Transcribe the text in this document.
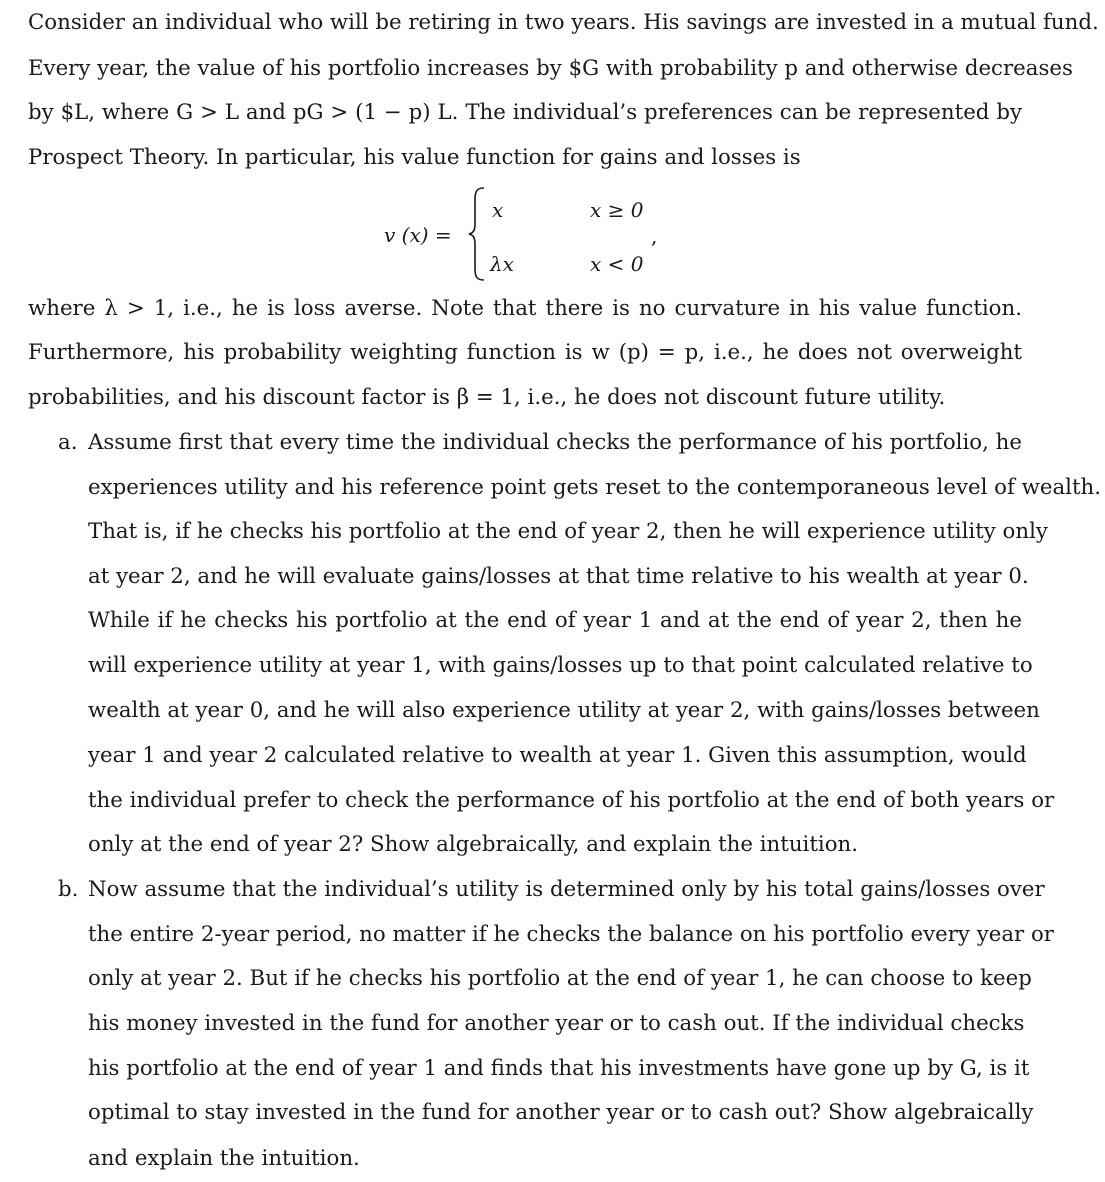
Consider an individual who will be retiring in two years. His savings are invested in a mutual fund.
Every year, the value of his portfolio increases by $G with probability p and otherwise decreases
by $L, where G > L and pG > (1 − p) L. The individual’s preferences can be represented by
Prospect Theory. In particular, his value function for gains and losses is
v (x) =
x	x ≥ 0
,
λx	x < 0
where λ > 1, i.e., he is loss averse. Note that there is no curvature in his value function.
Furthermore, his probability weighting function is w (p) = p, i.e., he does not overweight
probabilities, and his discount factor is β = 1, i.e., he does not discount future utility.
a. Assume first that every time the individual checks the performance of his portfolio, he
experiences utility and his reference point gets reset to the contemporaneous level of wealth.
That is, if he checks his portfolio at the end of year 2, then he will experience utility only
at year 2, and he will evaluate gains/losses at that time relative to his wealth at year 0.
While if he checks his portfolio at the end of year 1 and at the end of year 2, then he
will experience utility at year 1, with gains/losses up to that point calculated relative to
wealth at year 0, and he will also experience utility at year 2, with gains/losses between
year 1 and year 2 calculated relative to wealth at year 1. Given this assumption, would
the individual prefer to check the performance of his portfolio at the end of both years or
only at the end of year 2? Show algebraically, and explain the intuition.
b. Now assume that the individual’s utility is determined only by his total gains/losses over
the entire 2-year period, no matter if he checks the balance on his portfolio every year or
only at year 2. But if he checks his portfolio at the end of year 1, he can choose to keep
his money invested in the fund for another year or to cash out. If the individual checks
his portfolio at the end of year 1 and finds that his investments have gone up by G, is it
optimal to stay invested in the fund for another year or to cash out? Show algebraically
and explain the intuition.
